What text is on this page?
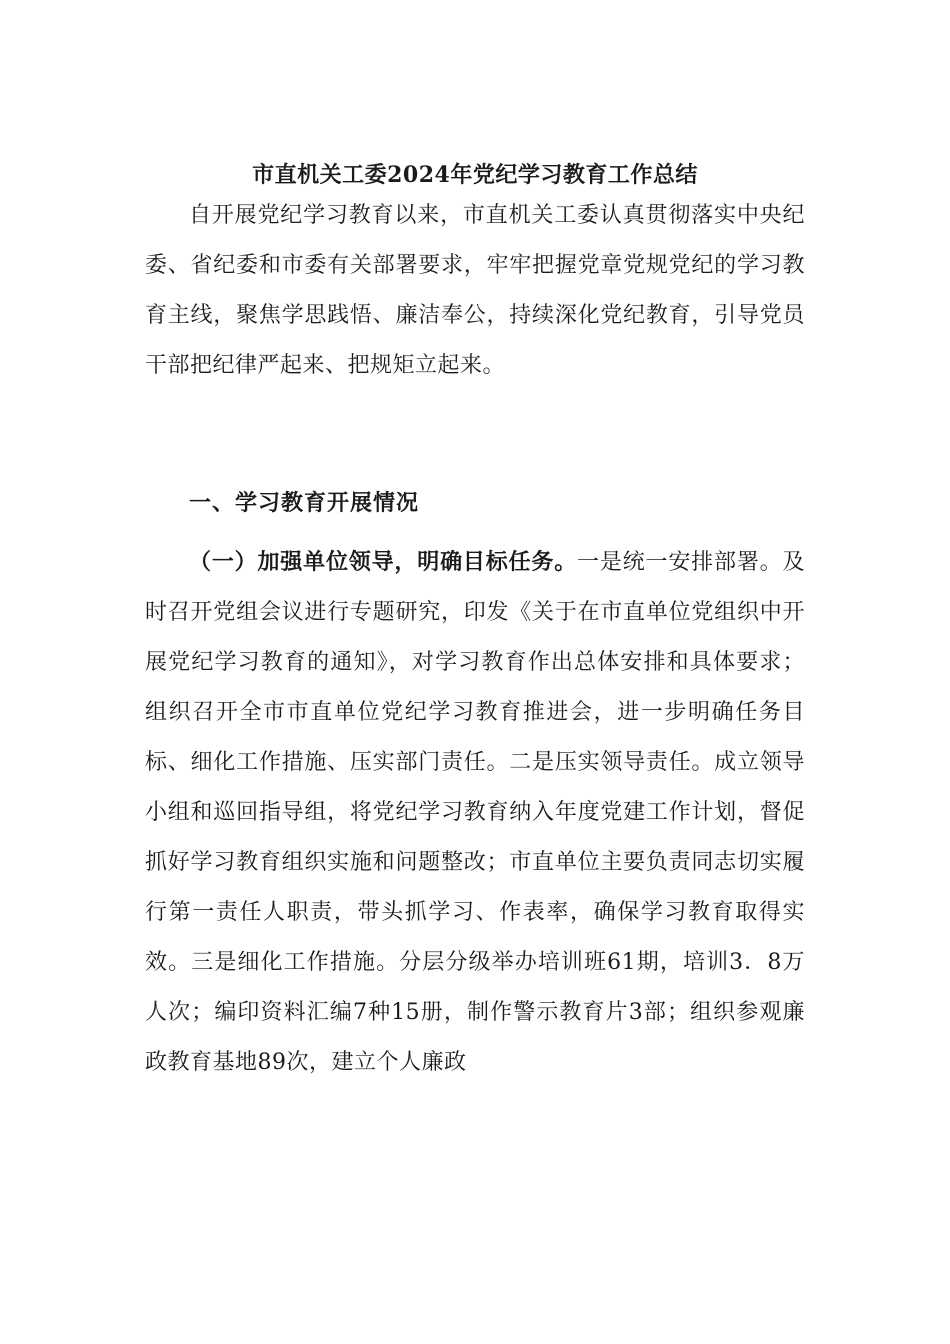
市直机关工委2024年党纪学习教育工作总结
自开展党纪学习教育以来，市直机关工委认真贯彻落实中央纪委、省纪委和市委有关部署要求，牢牢把握党章党规党纪的学习教育主线，聚焦学思践悟、廉洁奉公，持续深化党纪教育，引导党员干部把纪律严起来、把规矩立起来。
一、学习教育开展情况
（一）加强单位领导，明确目标任务。一是统一安排部署。及时召开党组会议进行专题研究，印发《关于在市直单位党组织中开展党纪学习教育的通知》，对学习教育作出总体安排和具体要求；组织召开全市市直单位党纪学习教育推进会，进一步明确任务目标、细化工作措施、压实部门责任。二是压实领导责任。成立领导小组和巡回指导组，将党纪学习教育纳入年度党建工作计划，督促抓好学习教育组织实施和问题整改；市直单位主要负责同志切实履行第一责任人职责，带头抓学习、作表率，确保学习教育取得实效。三是细化工作措施。分层分级举办培训班61期，培训3．8万人次；编印资料汇编7种15册，制作警示教育片3部；组织参观廉政教育基地89次，建立个人廉政
